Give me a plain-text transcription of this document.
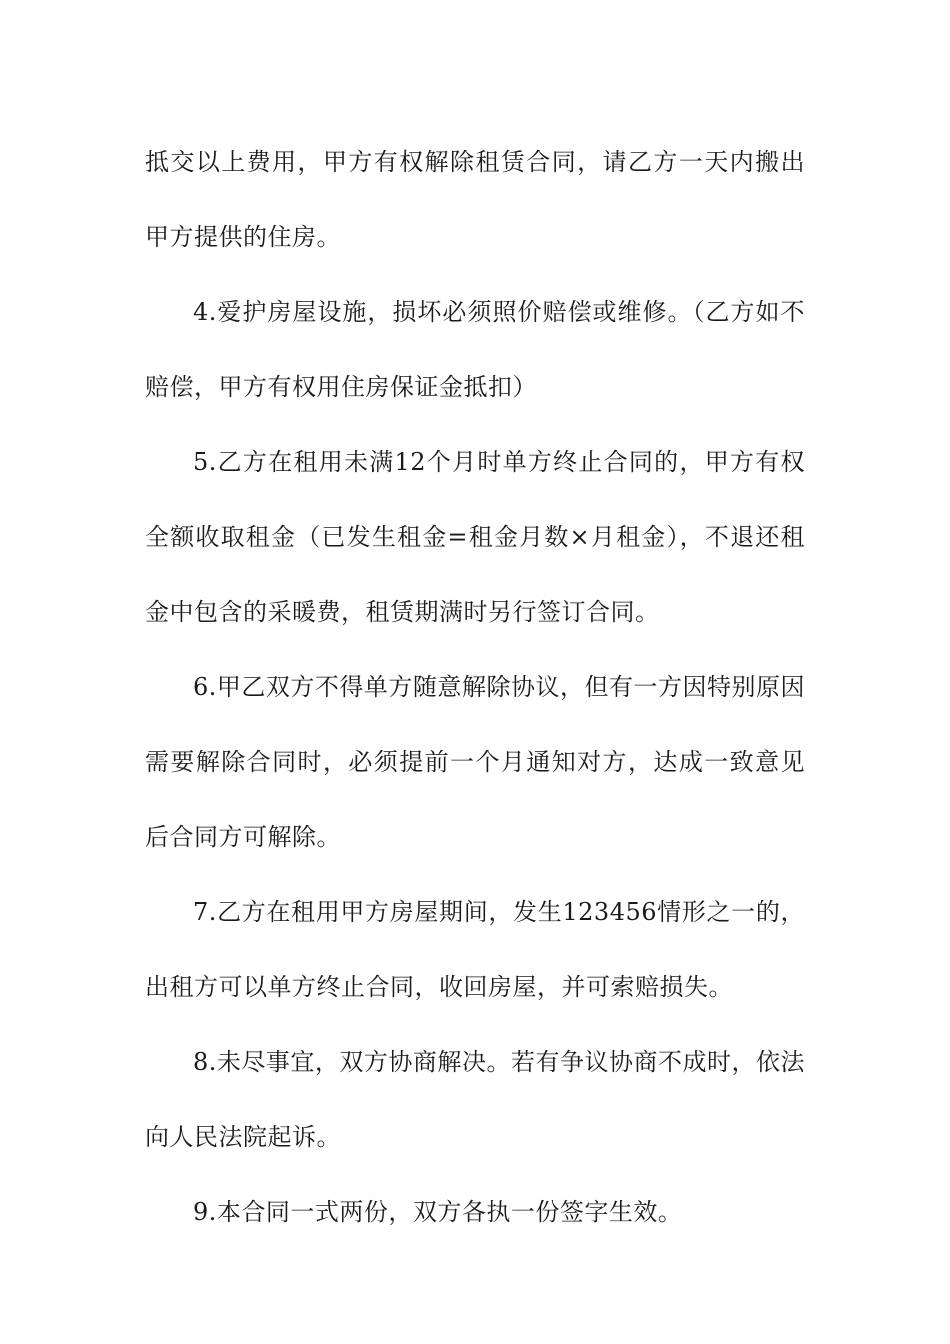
抵交以上费用，甲方有权解除租赁合同，请乙方一天内搬出甲方提供的住房。

4.爱护房屋设施，损坏必须照价赔偿或维修。（乙方如不赔偿，甲方有权用住房保证金抵扣）

5.乙方在租用未满12个月时单方终止合同的，甲方有权全额收取租金（已发生租金=租金月数×月租金），不退还租金中包含的采暖费，租赁期满时另行签订合同。

6.甲乙双方不得单方随意解除协议，但有一方因特别原因需要解除合同时，必须提前一个月通知对方，达成一致意见后合同方可解除。

7.乙方在租用甲方房屋期间，发生123456情形之一的，出租方可以单方终止合同，收回房屋，并可索赔损失。

8.未尽事宜，双方协商解决。若有争议协商不成时，依法向人民法院起诉。

9.本合同一式两份，双方各执一份签字生效。
